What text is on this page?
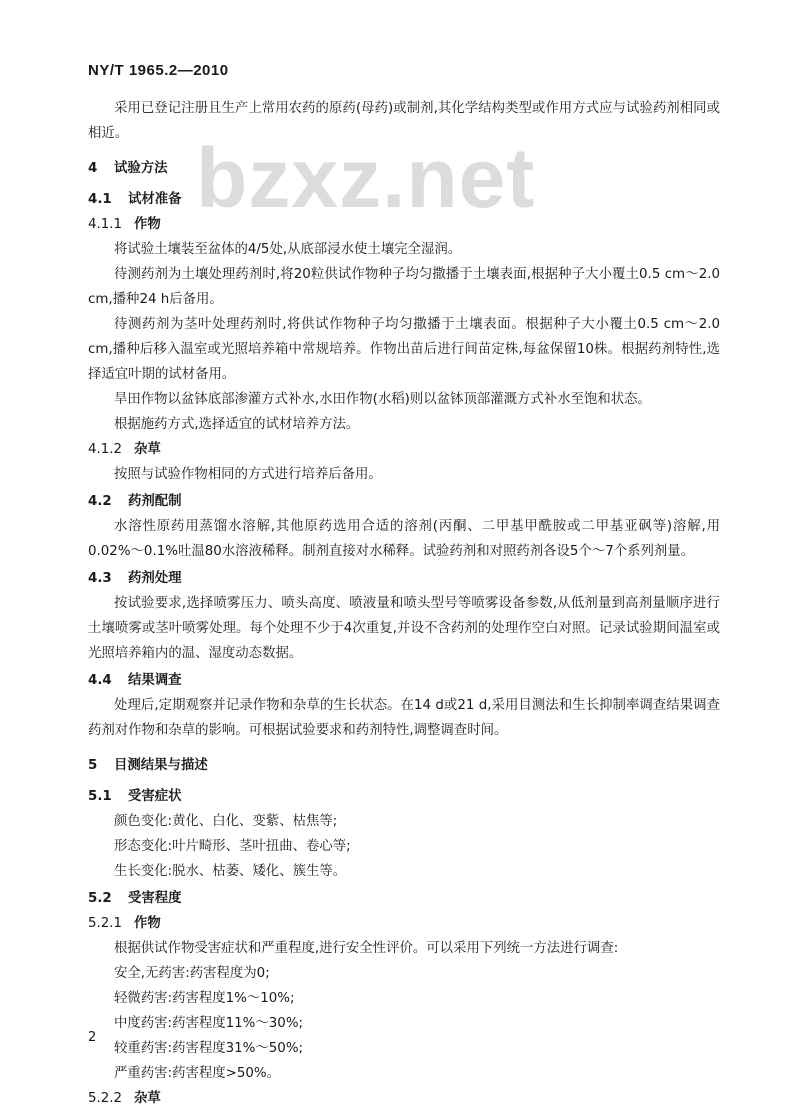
NY/T 1965.2—2010
bzxz.net
采用已登记注册且生产上常用农药的原药(母药)或制剂,其化学结构类型或作用方式应与试验药剂相同或相近。
4 试验方法
4.1 试材准备
4.1.1 作物
将试验土壤装至盆体的4/5处,从底部浸水使土壤完全湿润。
待测药剂为土壤处理药剂时,将20粒供试作物种子均匀撒播于土壤表面,根据种子大小覆土0.5 cm～2.0 cm,播种24 h后备用。
待测药剂为茎叶处理药剂时,将供试作物种子均匀撒播于土壤表面。根据种子大小覆土0.5 cm～2.0 cm,播种后移入温室或光照培养箱中常规培养。作物出苗后进行间苗定株,每盆保留10株。根据药剂特性,选择适宜叶期的试材备用。
旱田作物以盆钵底部渗灌方式补水,水田作物(水稻)则以盆钵顶部灌溉方式补水至饱和状态。
根据施药方式,选择适宜的试材培养方法。
4.1.2 杂草
按照与试验作物相同的方式进行培养后备用。
4.2 药剂配制
水溶性原药用蒸馏水溶解,其他原药选用合适的溶剂(丙酮、二甲基甲酰胺或二甲基亚砜等)溶解,用0.02%～0.1%吐温80水溶液稀释。制剂直接对水稀释。试验药剂和对照药剂各设5个～7个系列剂量。
4.3 药剂处理
按试验要求,选择喷雾压力、喷头高度、喷液量和喷头型号等喷雾设备参数,从低剂量到高剂量顺序进行土壤喷雾或茎叶喷雾处理。每个处理不少于4次重复,并设不含药剂的处理作空白对照。记录试验期间温室或光照培养箱内的温、湿度动态数据。
4.4 结果调查
处理后,定期观察并记录作物和杂草的生长状态。在14 d或21 d,采用目测法和生长抑制率调查结果调查药剂对作物和杂草的影响。可根据试验要求和药剂特性,调整调查时间。
5 目测结果与描述
5.1 受害症状
颜色变化:黄化、白化、变紫、枯焦等;
形态变化:叶片畸形、茎叶扭曲、卷心等;
生长变化:脱水、枯萎、矮化、簇生等。
5.2 受害程度
5.2.1 作物
根据供试作物受害症状和严重程度,进行安全性评价。可以采用下列统一方法进行调查:
安全,无药害:药害程度为0;
轻微药害:药害程度1%～10%;
中度药害:药害程度11%～30%;
较重药害:药害程度31%～50%;
严重药害:药害程度>50%。
5.2.2 杂草
2
